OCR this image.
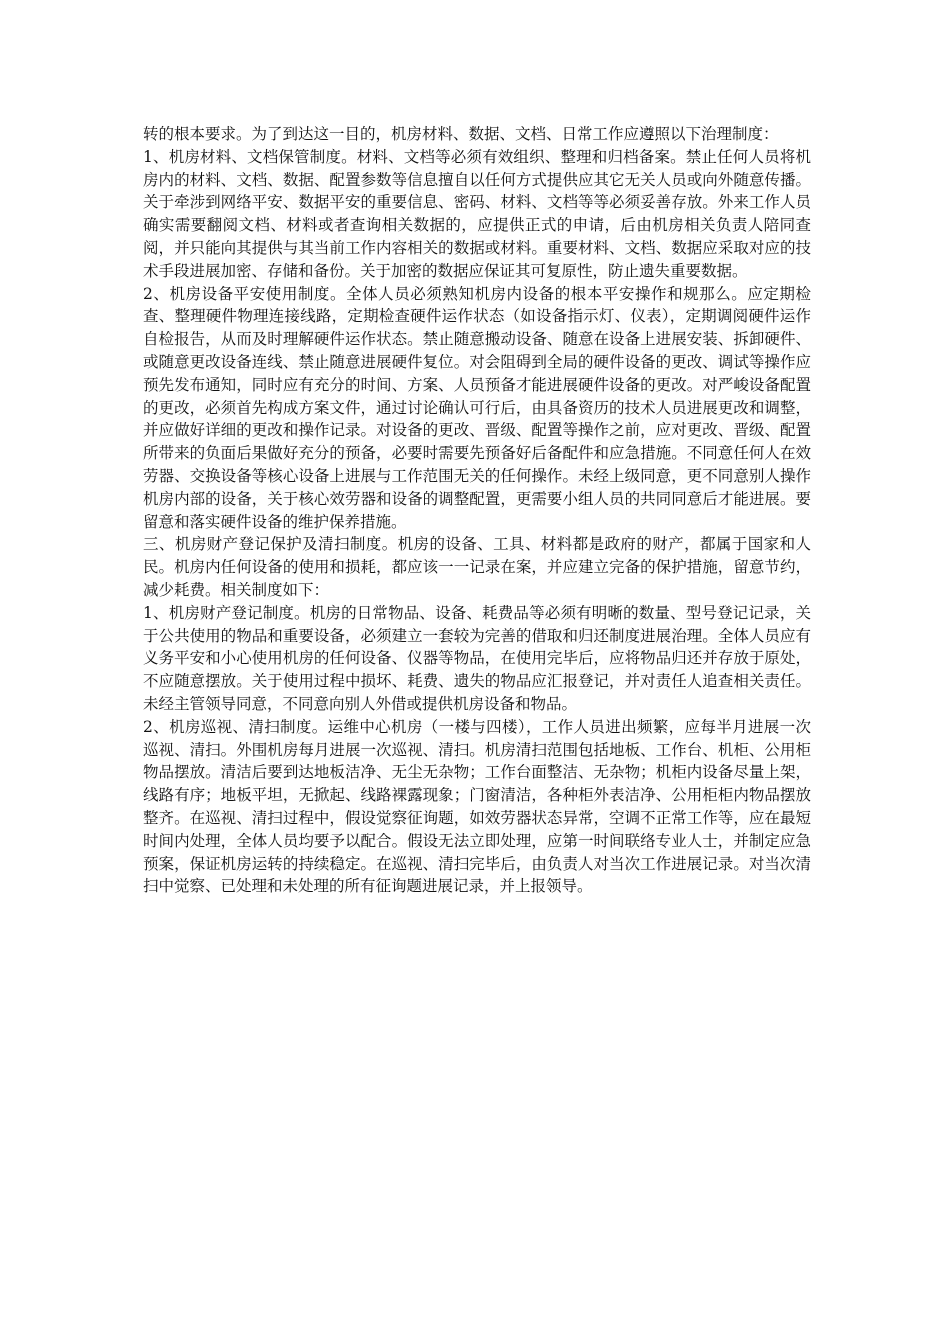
转的根本要求。为了到达这一目的，机房材料、数据、文档、日常工作应遵照以下治理制度：

1、机房材料、文档保管制度。材料、文档等必须有效组织、整理和归档备案。禁止任何人员将机房内的材料、文档、数据、配置参数等信息擅自以任何方式提供应其它无关人员或向外随意传播。关于牵涉到网络平安、数据平安的重要信息、密码、材料、文档等等必须妥善存放。外来工作人员确实需要翻阅文档、材料或者查询相关数据的，应提供正式的申请，后由机房相关负责人陪同查阅，并只能向其提供与其当前工作内容相关的数据或材料。重要材料、文档、数据应采取对应的技术手段进展加密、存储和备份。关于加密的数据应保证其可复原性，防止遗失重要数据。

2、机房设备平安使用制度。全体人员必须熟知机房内设备的根本平安操作和规那么。应定期检查、整理硬件物理连接线路，定期检查硬件运作状态（如设备指示灯、仪表），定期调阅硬件运作自检报告，从而及时理解硬件运作状态。禁止随意搬动设备、随意在设备上进展安装、拆卸硬件、或随意更改设备连线、禁止随意进展硬件复位。对会阻碍到全局的硬件设备的更改、调试等操作应预先发布通知，同时应有充分的时间、方案、人员预备才能进展硬件设备的更改。对严峻设备配置的更改，必须首先构成方案文件，通过讨论确认可行后，由具备资历的技术人员进展更改和调整，并应做好详细的更改和操作记录。对设备的更改、晋级、配置等操作之前，应对更改、晋级、配置所带来的负面后果做好充分的预备，必要时需要先预备好后备配件和应急措施。不同意任何人在效劳器、交换设备等核心设备上进展与工作范围无关的任何操作。未经上级同意，更不同意别人操作机房内部的设备，关于核心效劳器和设备的调整配置，更需要小组人员的共同同意后才能进展。要留意和落实硬件设备的维护保养措施。

三、机房财产登记保护及清扫制度。机房的设备、工具、材料都是政府的财产，都属于国家和人民。机房内任何设备的使用和损耗，都应该一一记录在案，并应建立完备的保护措施，留意节约，减少耗费。相关制度如下：

1、机房财产登记制度。机房的日常物品、设备、耗费品等必须有明晰的数量、型号登记记录，关于公共使用的物品和重要设备，必须建立一套较为完善的借取和归还制度进展治理。全体人员应有义务平安和小心使用机房的任何设备、仪器等物品，在使用完毕后，应将物品归还并存放于原处，不应随意摆放。关于使用过程中损坏、耗费、遗失的物品应汇报登记，并对责任人追查相关责任。未经主管领导同意，不同意向别人外借或提供机房设备和物品。

2、机房巡视、清扫制度。运维中心机房（一楼与四楼），工作人员进出频繁，应每半月进展一次巡视、清扫。外围机房每月进展一次巡视、清扫。机房清扫范围包括地板、工作台、机柜、公用柜物品摆放。清洁后要到达地板洁净、无尘无杂物；工作台面整洁、无杂物；机柜内设备尽量上架，线路有序；地板平坦，无掀起、线路裸露现象；门窗清洁，各种柜外表洁净、公用柜柜内物品摆放整齐。在巡视、清扫过程中，假设觉察征询题，如效劳器状态异常，空调不正常工作等，应在最短时间内处理，全体人员均要予以配合。假设无法立即处理，应第一时间联络专业人士，并制定应急预案，保证机房运转的持续稳定。在巡视、清扫完毕后，由负责人对当次工作进展记录。对当次清扫中觉察、已处理和未处理的所有征询题进展记录，并上报领导。
